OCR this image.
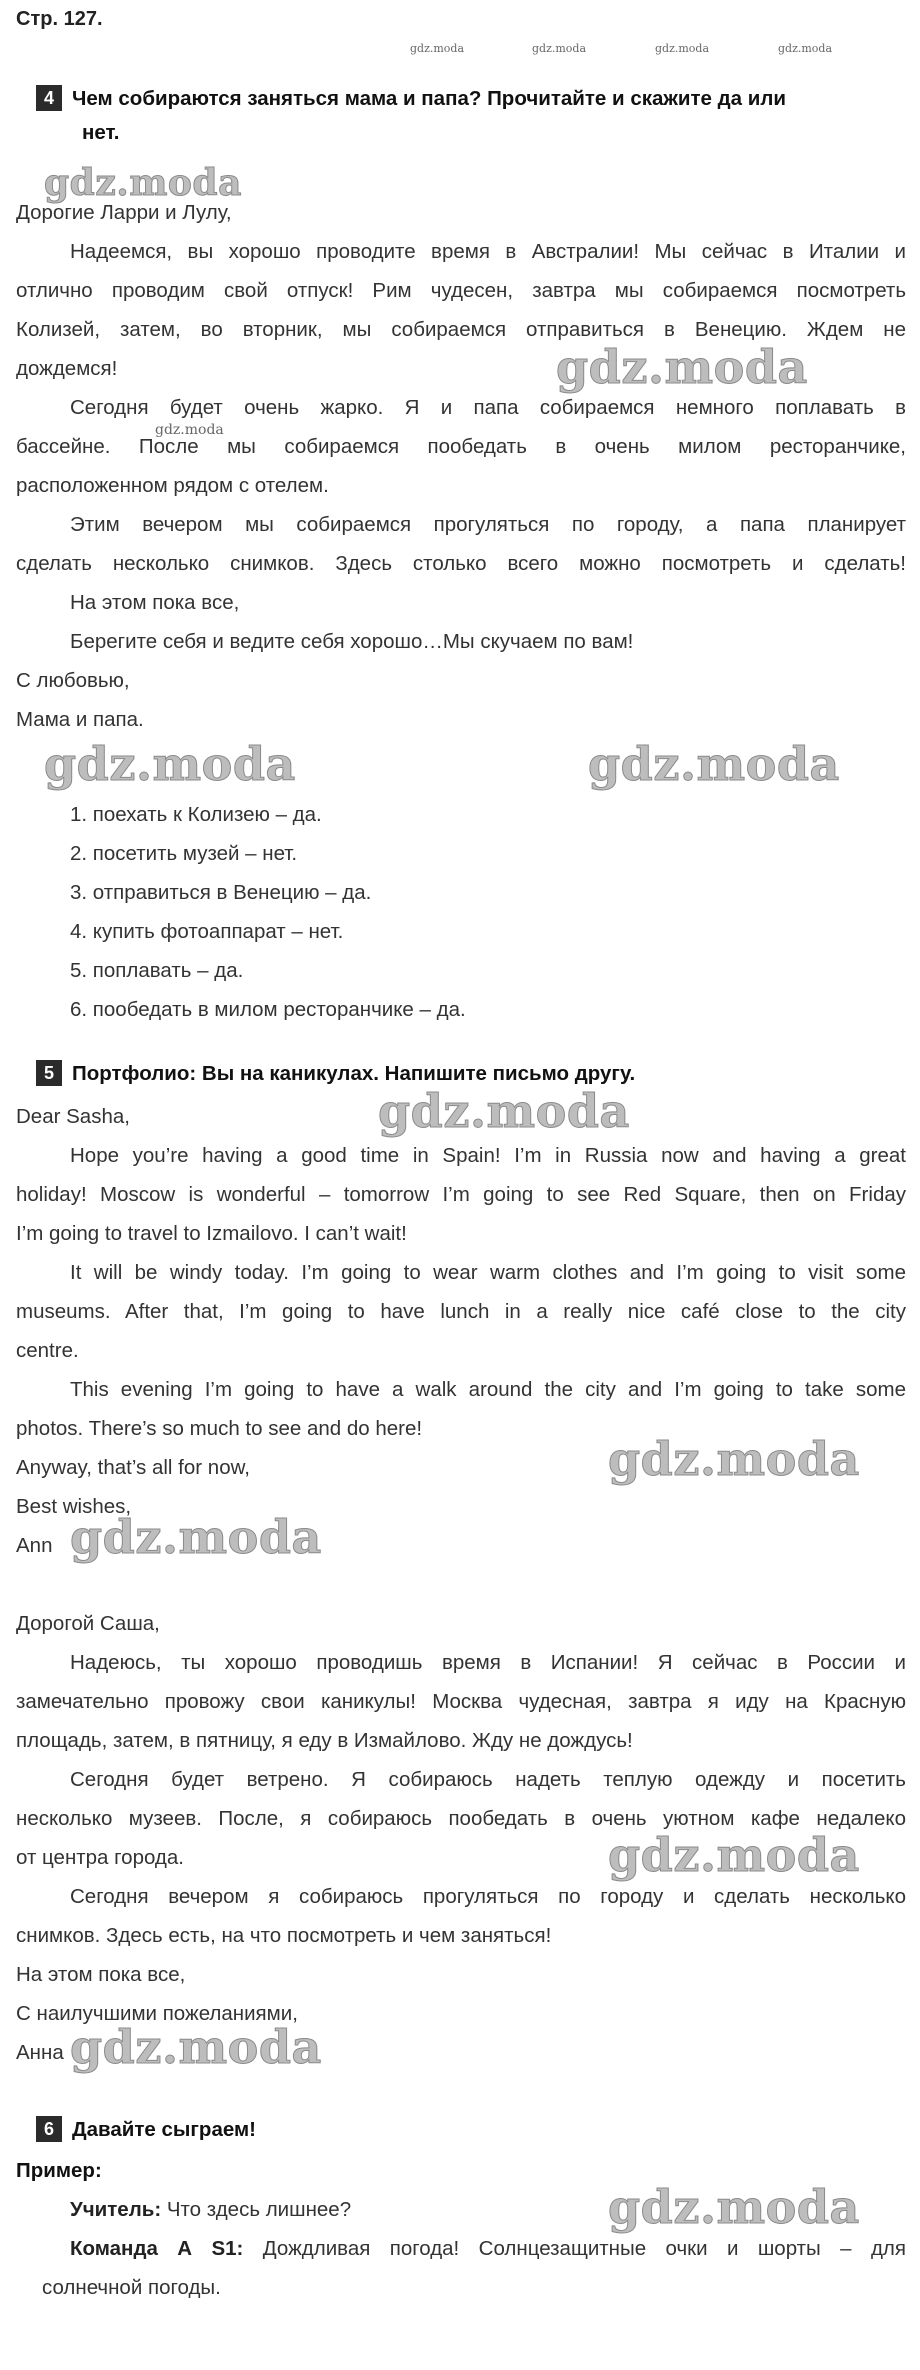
Стр. 127.
gdz.moda	gdz.moda	gdz.moda	gdz.moda
4 Чем собираются заняться мама и папа? Прочитайте и скажите да или
нет.
gdz.moda
Дорогие Ларри и Лулу,
Надеемся, вы хорошо проводите время в Австралии! Мы сейчас в Италии и
отлично проводим свой отпуск! Рим чудесен, завтра мы собираемся посмотреть
Колизей, затем, во вторник, мы собираемся отправиться в Венецию. Ждем не
дождемся!	gdz.moda
Сегодня будет очень жарко. Я и папа собираемся немного поплавать в
бассейне. После мы собираемся пообедать в очень милом ресторанчике,
gdz.moda
расположенном рядом с отелем.
Этим вечером мы собираемся прогуляться по городу, а папа планирует
сделать несколько снимков. Здесь столько всего можно посмотреть и сделать!
На этом пока все,
Берегите себя и ведите себя хорошо…Мы скучаем по вам!
С любовью,
Мама и папа.
gdz.moda	gdz.moda
1. поехать к Колизею – да.
2. посетить музей – нет.
3. отправиться в Венецию – да.
4. купить фотоаппарат – нет.
5. поплавать – да.
6. пообедать в милом ресторанчике – да.
5 Портфолио: Вы на каникулах. Напишите письмо другу.
Dear Sasha,	gdz.moda
Hope you’re having a good time in Spain! I’m in Russia now and having a great
holiday! Moscow is wonderful – tomorrow I’m going to see Red Square, then on Friday
I’m going to travel to Izmailovo. I can’t wait!
It will be windy today. I’m going to wear warm clothes and I’m going to visit some
museums. After that, I’m going to have lunch in a really nice café close to the city
centre.
This evening I’m going to have a walk around the city and I’m going to take some
photos. There’s so much to see and do here!
Anyway, that’s all for now,	gdz.moda
Best wishes,
Ann gdz.moda
Дорогой Саша,
Надеюсь, ты хорошо проводишь время в Испании! Я сейчас в России и
замечательно провожу свои каникулы! Москва чудесная, завтра я иду на Красную
площадь, затем, в пятницу, я еду в Измайлово. Жду не дождусь!
Сегодня будет ветрено. Я собираюсь надеть теплую одежду и посетить
несколько музеев. После, я собираюсь пообедать в очень уютном кафе недалеко
от центра города.	gdz.moda
Сегодня вечером я собираюсь прогуляться по городу и сделать несколько
снимков. Здесь есть, на что посмотреть и чем заняться!
На этом пока все,
С наилучшими пожеланиями,
Анна gdz.moda
6 Давайте сыграем!
Пример:
Учитель: Что здесь лишнее?	gdz.moda
Команда А S1: Дождливая погода! Солнцезащитные очки и шорты – для
солнечной погоды.
